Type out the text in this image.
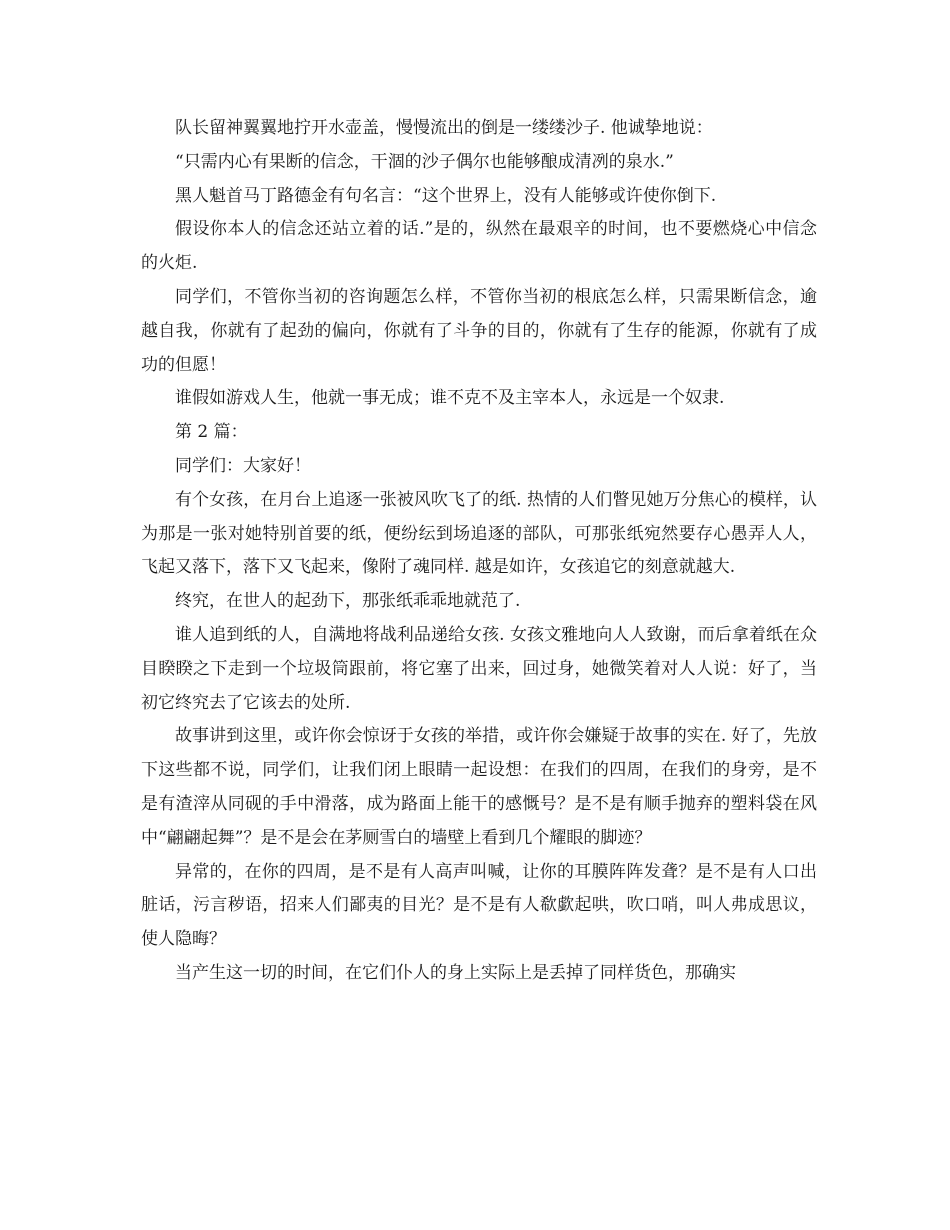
队长留神翼翼地拧开水壶盖，慢慢流出的倒是一缕缕沙子. 他诚挚地说：

“只需内心有果断的信念，干涸的沙子偶尔也能够酿成清冽的泉水.”

黑人魁首马丁路德金有句名言：“这个世界上，没有人能够或许使你倒下.

假设你本人的信念还站立着的话.”是的，纵然在最艰辛的时间，也不要燃烧心中信念的火炬.

同学们，不管你当初的咨询题怎么样，不管你当初的根底怎么样，只需果断信念，逾越自我，你就有了起劲的偏向，你就有了斗争的目的，你就有了生存的能源，你就有了成功的但愿！

谁假如游戏人生，他就一事无成；谁不克不及主宰本人，永远是一个奴隶.

第 2 篇：

同学们：大家好！

有个女孩，在月台上追逐一张被风吹飞了的纸. 热情的人们瞥见她万分焦心的模样，认为那是一张对她特别首要的纸，便纷纭到场追逐的部队，可那张纸宛然要存心愚弄人人，飞起又落下，落下又飞起来，像附了魂同样. 越是如许，女孩追它的刻意就越大.

终究，在世人的起劲下，那张纸乖乖地就范了.

谁人追到纸的人，自满地将战利品递给女孩. 女孩文雅地向人人致谢，而后拿着纸在众目睽睽之下走到一个垃圾筒跟前，将它塞了出来，回过身，她微笑着对人人说：好了，当初它终究去了它该去的处所.

故事讲到这里，或许你会惊讶于女孩的举措，或许你会嫌疑于故事的实在. 好了，先放下这些都不说，同学们，让我们闭上眼睛一起设想：在我们的四周，在我们的身旁，是不是有渣滓从同砚的手中滑落，成为路面上能干的感慨号？是不是有顺手抛弃的塑料袋在风中“翩翩起舞”？是不是会在茅厕雪白的墙壁上看到几个耀眼的脚迹？

异常的，在你的四周，是不是有人高声叫喊，让你的耳膜阵阵发聋？是不是有人口出脏话，污言秽语，招来人们鄙夷的目光？是不是有人欷歔起哄，吹口哨，叫人弗成思议，使人隐晦？

当产生这一切的时间，在它们仆人的身上实际上是丢掉了同样货色，那确实
